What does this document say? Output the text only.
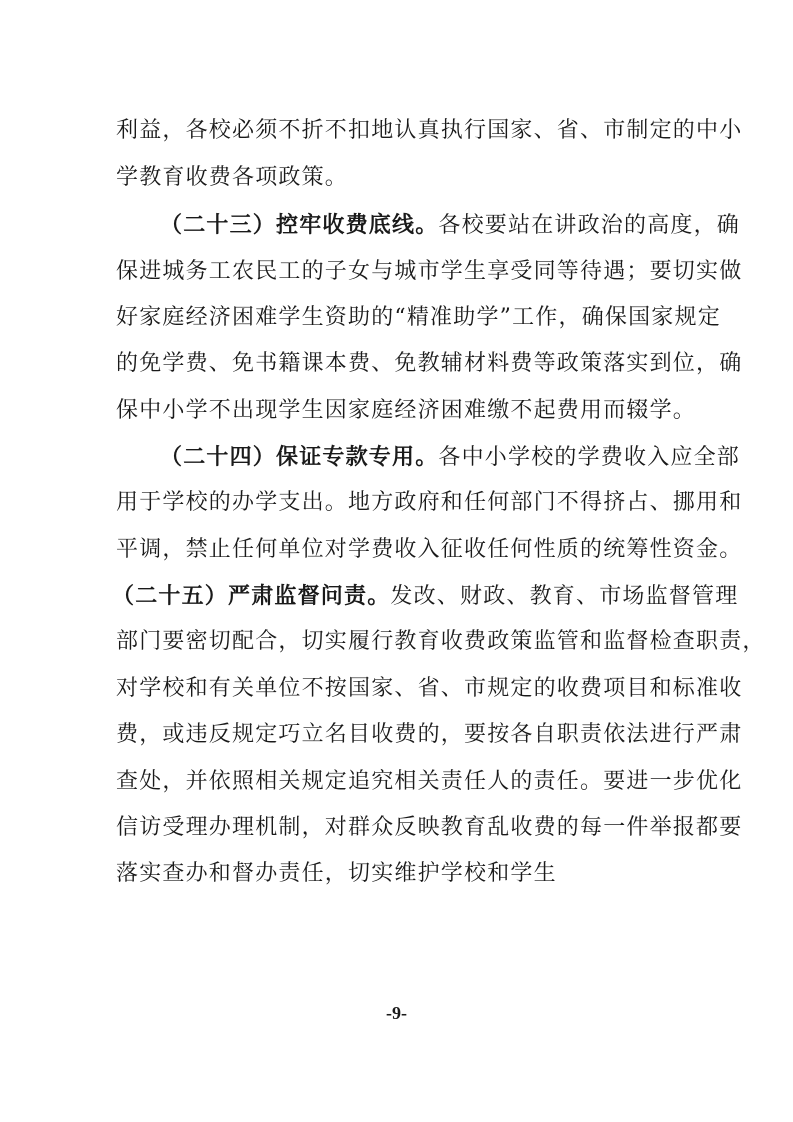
利益，各校必须不折不扣地认真执行国家、省、市制定的中小
学教育收费各项政策。
（二十三）控牢收费底线。各校要站在讲政治的高度，确
保进城务工农民工的子女与城市学生享受同等待遇；要切实做
好家庭经济困难学生资助的“精准助学”工作，确保国家规定
的免学费、免书籍课本费、免教辅材料费等政策落实到位，确
保中小学不出现学生因家庭经济困难缴不起费用而辍学。
（二十四）保证专款专用。各中小学校的学费收入应全部
用于学校的办学支出。地方政府和任何部门不得挤占、挪用和
平调，禁止任何单位对学费收入征收任何性质的统筹性资金。
（二十五）严肃监督问责。发改、财政、教育、市场监督管理
部门要密切配合，切实履行教育收费政策监管和监督检查职责，
对学校和有关单位不按国家、省、市规定的收费项目和标准收
费，或违反规定巧立名目收费的，要按各自职责依法进行严肃
查处，并依照相关规定追究相关责任人的责任。要进一步优化
信访受理办理机制，对群众反映教育乱收费的每一件举报都要
落实查办和督办责任，切实维护学校和学生
-9-
